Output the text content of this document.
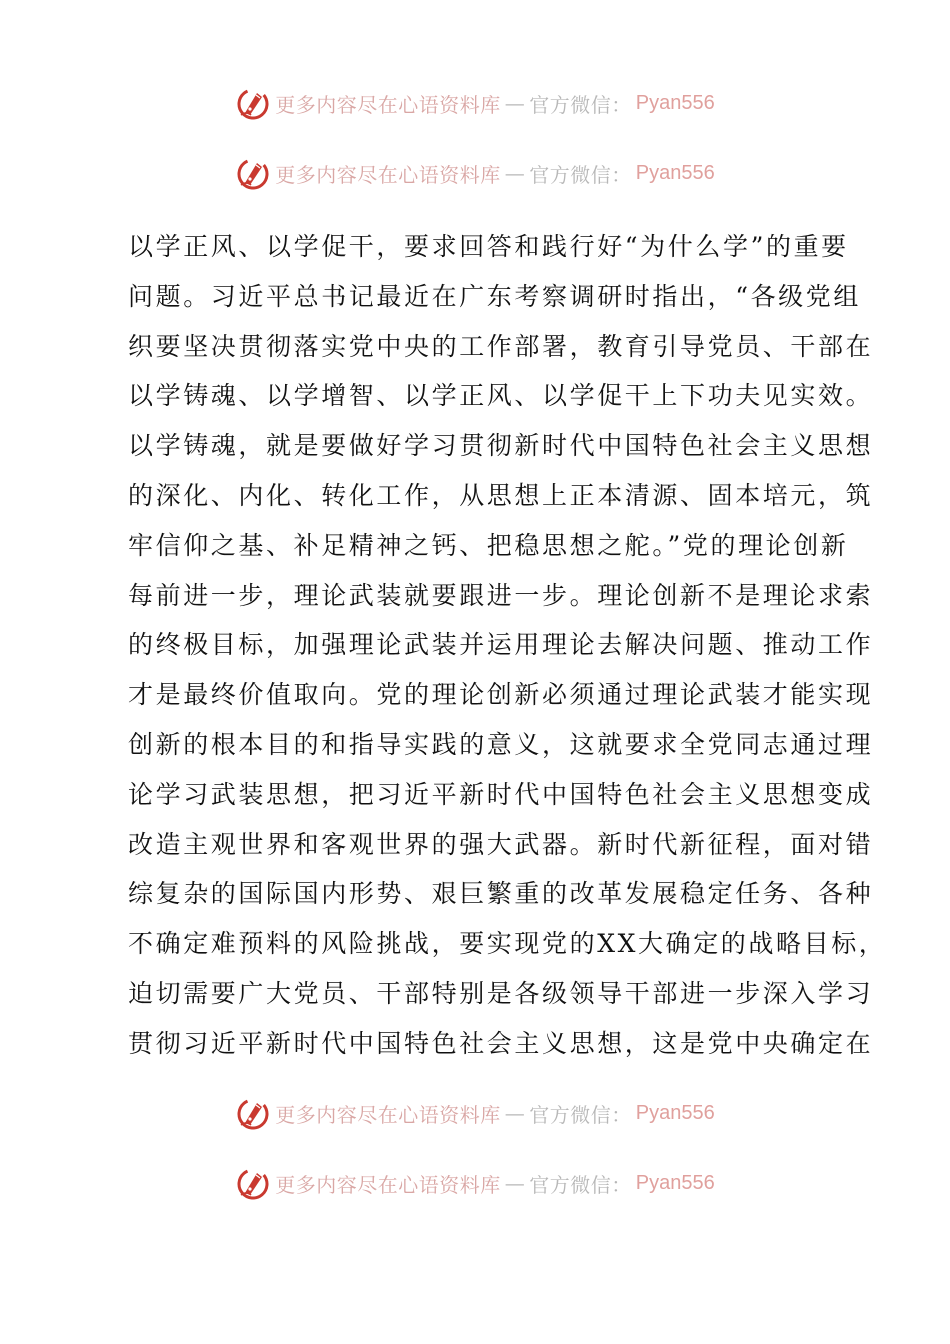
更多内容尽在心语资料库 — 官方微信： Pyan556
更多内容尽在心语资料库 — 官方微信： Pyan556
以学正风、以学促干，要求回答和践行好“为什么学”的重要
问题。习近平总书记最近在广东考察调研时指出，“各级党组
织要坚决贯彻落实党中央的工作部署，教育引导党员、干部在
以学铸魂、以学增智、以学正风、以学促干上下功夫见实效。
以学铸魂，就是要做好学习贯彻新时代中国特色社会主义思想
的深化、内化、转化工作，从思想上正本清源、固本培元，筑
牢信仰之基、补足精神之钙、把稳思想之舵。”党的理论创新
每前进一步，理论武装就要跟进一步。理论创新不是理论求索
的终极目标，加强理论武装并运用理论去解决问题、推动工作
才是最终价值取向。党的理论创新必须通过理论武装才能实现
创新的根本目的和指导实践的意义，这就要求全党同志通过理
论学习武装思想，把习近平新时代中国特色社会主义思想变成
改造主观世界和客观世界的强大武器。新时代新征程，面对错
综复杂的国际国内形势、艰巨繁重的改革发展稳定任务、各种
不确定难预料的风险挑战，要实现党的XX大确定的战略目标，
迫切需要广大党员、干部特别是各级领导干部进一步深入学习
贯彻习近平新时代中国特色社会主义思想，这是党中央确定在
更多内容尽在心语资料库 — 官方微信： Pyan556
更多内容尽在心语资料库 — 官方微信： Pyan556
